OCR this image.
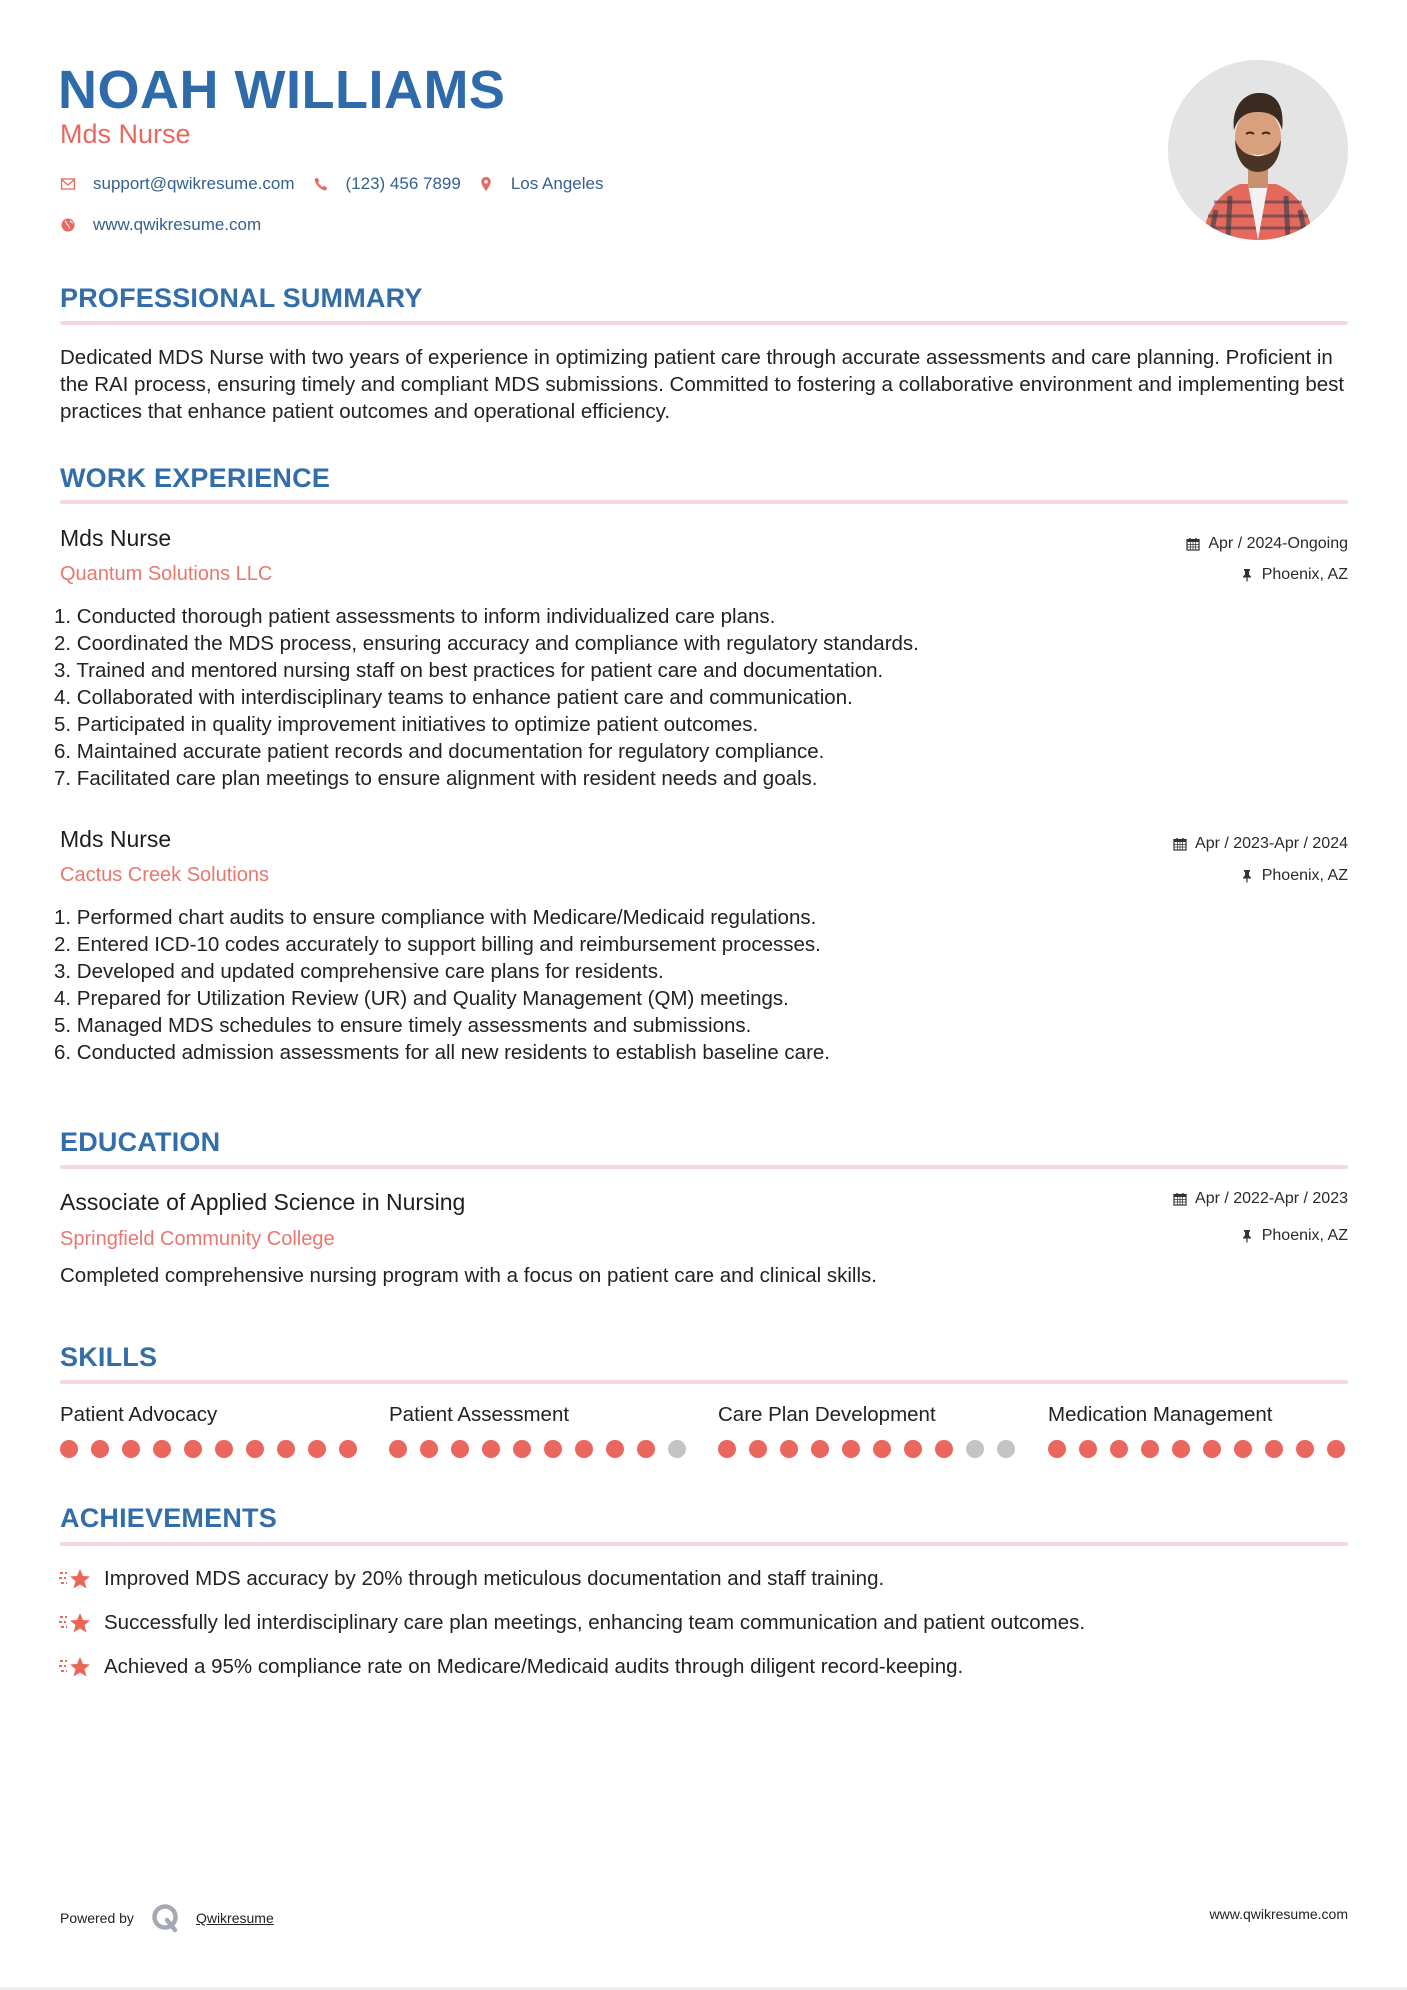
NOAH WILLIAMS
Mds Nurse
support@qwikresume.com	(123) 456 7899	Los Angeles
www.qwikresume.com
PROFESSIONAL SUMMARY
Dedicated MDS Nurse with two years of experience in optimizing patient care through accurate assessments and care planning. Proficient in the RAI process, ensuring timely and compliant MDS submissions. Committed to fostering a collaborative environment and implementing best practices that enhance patient outcomes and operational efficiency.
WORK EXPERIENCE
Mds Nurse
Quantum Solutions LLC
Apr / 2024-Ongoing
Phoenix, AZ
1. Conducted thorough patient assessments to inform individualized care plans.
2. Coordinated the MDS process, ensuring accuracy and compliance with regulatory standards.
3. Trained and mentored nursing staff on best practices for patient care and documentation.
4. Collaborated with interdisciplinary teams to enhance patient care and communication.
5. Participated in quality improvement initiatives to optimize patient outcomes.
6. Maintained accurate patient records and documentation for regulatory compliance.
7. Facilitated care plan meetings to ensure alignment with resident needs and goals.
Mds Nurse
Cactus Creek Solutions
Apr / 2023-Apr / 2024
Phoenix, AZ
1. Performed chart audits to ensure compliance with Medicare/Medicaid regulations.
2. Entered ICD-10 codes accurately to support billing and reimbursement processes.
3. Developed and updated comprehensive care plans for residents.
4. Prepared for Utilization Review (UR) and Quality Management (QM) meetings.
5. Managed MDS schedules to ensure timely assessments and submissions.
6. Conducted admission assessments for all new residents to establish baseline care.
EDUCATION
Associate of Applied Science in Nursing
Springfield Community College
Apr / 2022-Apr / 2023
Phoenix, AZ
Completed comprehensive nursing program with a focus on patient care and clinical skills.
SKILLS
Patient Advocacy	Patient Assessment	Care Plan Development	Medication Management
ACHIEVEMENTS
Improved MDS accuracy by 20% through meticulous documentation and staff training.
Successfully led interdisciplinary care plan meetings, enhancing team communication and patient outcomes.
Achieved a 95% compliance rate on Medicare/Medicaid audits through diligent record-keeping.
Powered by	Qwikresume	www.qwikresume.com
